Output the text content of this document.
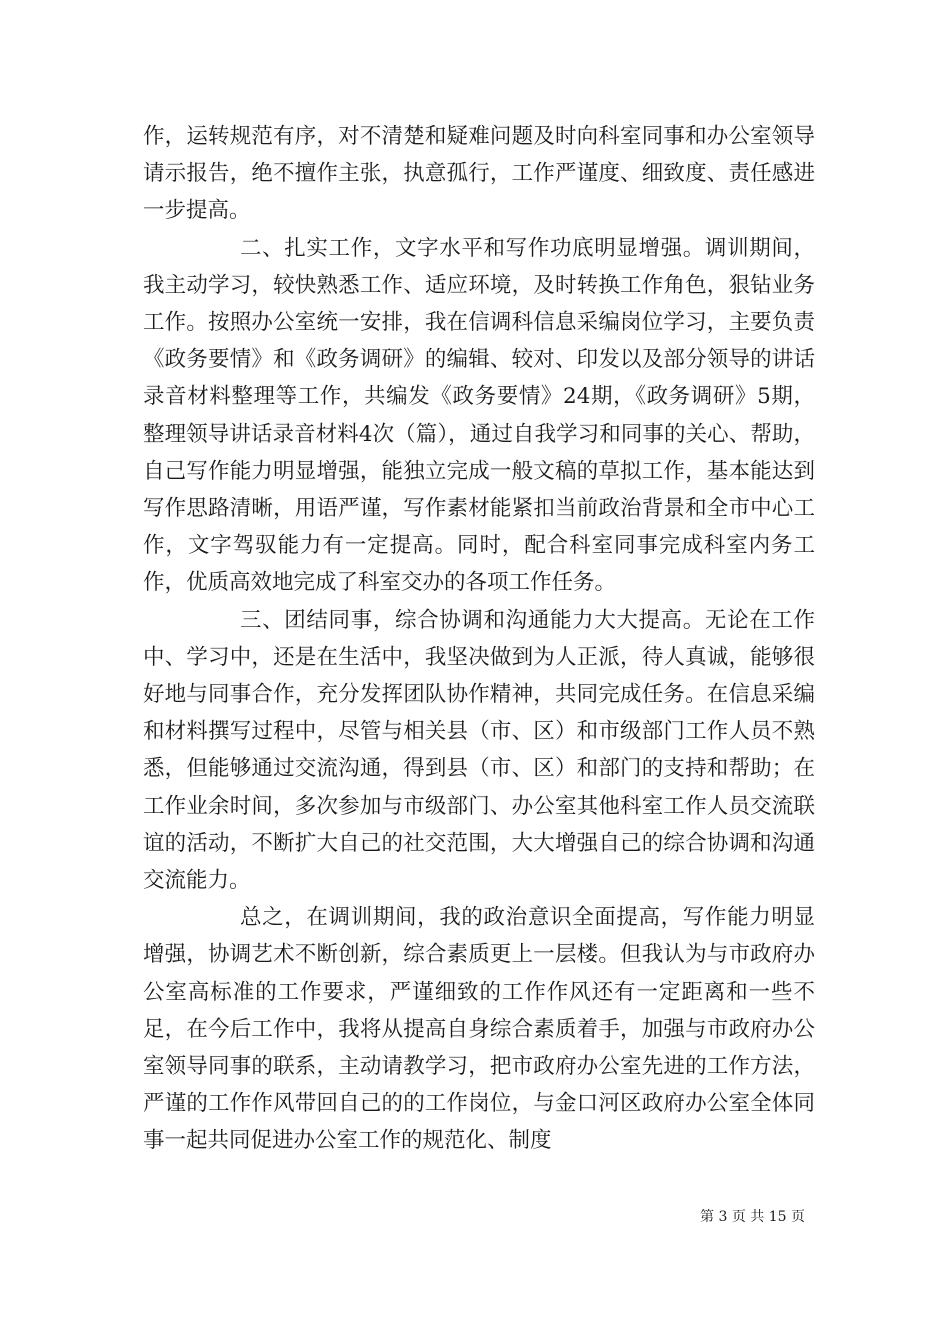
作，运转规范有序，对不清楚和疑难问题及时向科室同事和办公室领导请示报告，绝不擅作主张，执意孤行，工作严谨度、细致度、责任感进一步提高。

二、扎实工作，文字水平和写作功底明显增强。调训期间，我主动学习，较快熟悉工作、适应环境，及时转换工作角色，狠钻业务工作。按照办公室统一安排，我在信调科信息采编岗位学习，主要负责《政务要情》和《政务调研》的编辑、较对、印发以及部分领导的讲话录音材料整理等工作，共编发《政务要情》24期，《政务调研》5期，整理领导讲话录音材料4次（篇），通过自我学习和同事的关心、帮助，自己写作能力明显增强，能独立完成一般文稿的草拟工作，基本能达到写作思路清晰，用语严谨，写作素材能紧扣当前政治背景和全市中心工作，文字驾驭能力有一定提高。同时，配合科室同事完成科室内务工作，优质高效地完成了科室交办的各项工作任务。

三、团结同事，综合协调和沟通能力大大提高。无论在工作中、学习中，还是在生活中，我坚决做到为人正派，待人真诚，能够很好地与同事合作，充分发挥团队协作精神，共同完成任务。在信息采编和材料撰写过程中，尽管与相关县（市、区）和市级部门工作人员不熟悉，但能够通过交流沟通，得到县（市、区）和部门的支持和帮助；在工作业余时间，多次参加与市级部门、办公室其他科室工作人员交流联谊的活动，不断扩大自己的社交范围，大大增强自己的综合协调和沟通交流能力。

总之，在调训期间，我的政治意识全面提高，写作能力明显增强，协调艺术不断创新，综合素质更上一层楼。但我认为与市政府办公室高标准的工作要求，严谨细致的工作作风还有一定距离和一些不足，在今后工作中，我将从提高自身综合素质着手，加强与市政府办公室领导同事的联系，主动请教学习，把市政府办公室先进的工作方法，严谨的工作作风带回自己的的工作岗位，与金口河区政府办公室全体同事一起共同促进办公室工作的规范化、制度

第 3 页 共 15 页
